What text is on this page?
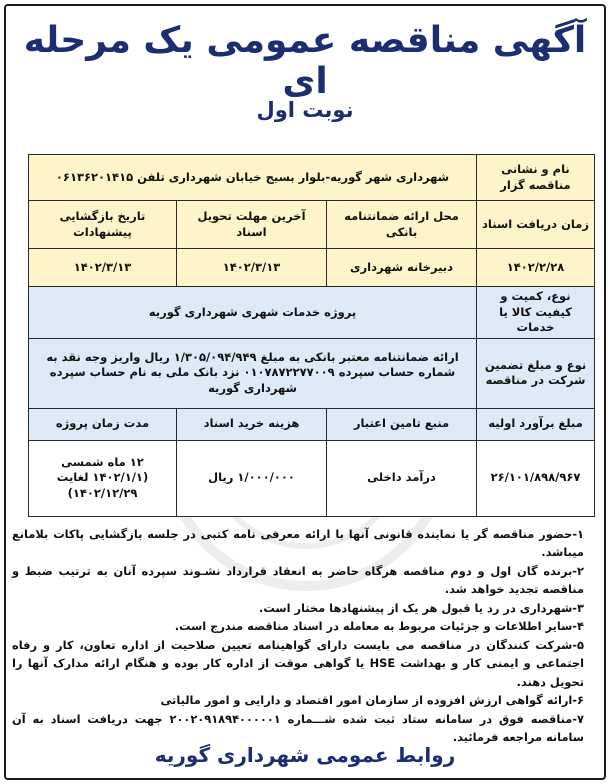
آگهی مناقصه عمومی یک مرحله ای
نوبت اول
نام و نشانی مناقصه گزار	شهرداری شهر گوریه-بلوار بسیج خیابان شهرداری تلفن ۰۶۱۳۶۲۰۱۴۱۵		
زمان دریافت اسناد	محل ارائه ضمانتنامه بانکی	آخرین مهلت تحویل اسناد	تاریخ بازگشایی پیشنهادات
۱۴۰۲/۲/۲۸	دبیرخانه شهرداری	۱۴۰۲/۳/۱۳	۱۴۰۲/۳/۱۳
نوع، کمیت و کیفیت کالا یا خدمات	پروژه خدمات شهری شهرداری گوریه		
نوع و مبلغ تضمین شرکت در مناقصه	ارائه ضمانتنامه معتبر بانکی به مبلغ ۱/۳۰۵/۰۹۴/۹۴۹ ریال واریز وجه نقد به شماره حساب سپرده ۰۱۰۷۸۷۲۲۷۷۰۰۹ نزد بانک ملی به نام حساب سپرده شهرداری گوریه		
مبلغ برآورد اولیه	منبع تامین اعتبار	هزینه خرید اسناد	مدت زمان پروژه
۲۶/۱۰۱/۸۹۸/۹۶۷	درآمد داخلی	۱/۰۰۰/۰۰۰ ریال	۱۲ ماه شمسی (۱۴۰۲/۱/۱ لغایت ۱۴۰۲/۱۲/۲۹)

۱-حضور مناقصه گر یا نماینده قانونی آنها با ارائه معرفی نامه کتبی در جلسه بازگشایی پاکات بلامانع میباشد.

۲-برنده گان اول و دوم مناقصه هرگاه حاضر به انعقاد قرارداد نشـوند سپرده آنان به ترتیب ضبط و مناقصه تجدید خواهد شد.

۳-شهرداری در رد یا قبول هر یک از پیشنهادها مختار است.

۴-سایر اطلاعات و جزئیات مربوط به معامله در اسناد مناقصه مندرج است.

۵-شرکت کنندگان در مناقصه می بایست دارای گواهینامه تعیین صلاحیت از اداره تعاون، کار و رفاه اجتماعی و ایمنی کار و بهداشت HSE یا گواهی موقت از اداره کار بوده و هنگام ارائه مدارک آنها را تحویل دهند.

۶-ارائه گواهی ارزش افزوده از سازمان امور اقتصاد و دارایی و امور مالیاتی

۷-مناقصه فوق در سامانه ستاد ثبت شده شـــماره ۲۰۰۲۰۹۱۸۹۴۰۰۰۰۰۱ جهت دریافت اسناد به آن سامانه مراجعه فرمائید.

روابط عمومی شهرداری گوریه
